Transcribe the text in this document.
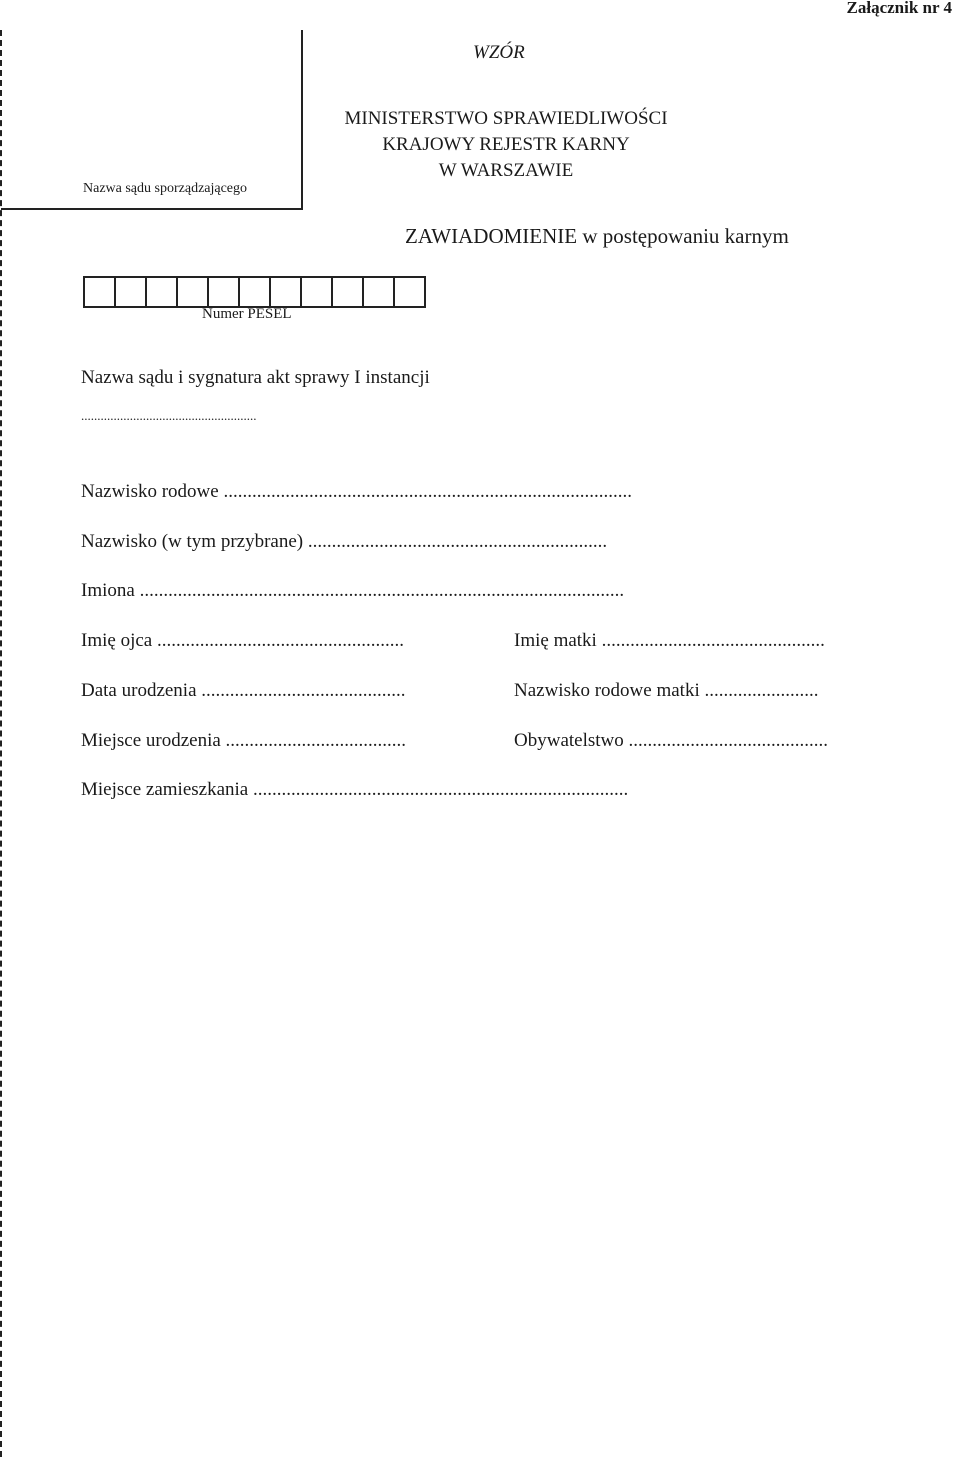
Załącznik nr 4
WZÓR
Nazwa sądu sporządzającego
MINISTERSTWO SPRAWIEDLIWOŚCI
KRAJOWY REJESTR KARNY
W WARSZAWIE
ZAWIADOMIENIE w postępowaniu karnym
Numer PESEL
Nazwa sądu i sygnatura akt sprawy I instancji
......................................................
Nazwisko rodowe ......................................................................................
Nazwisko (w tym przybrane) ...............................................................
Imiona ......................................................................................................
Imię ojca ....................................................	Imię matki ...............................................
Data urodzenia ...........................................	Nazwisko rodowe matki ........................
Miejsce urodzenia ......................................	Obywatelstwo ..........................................
Miejsce zamieszkania ...............................................................................
